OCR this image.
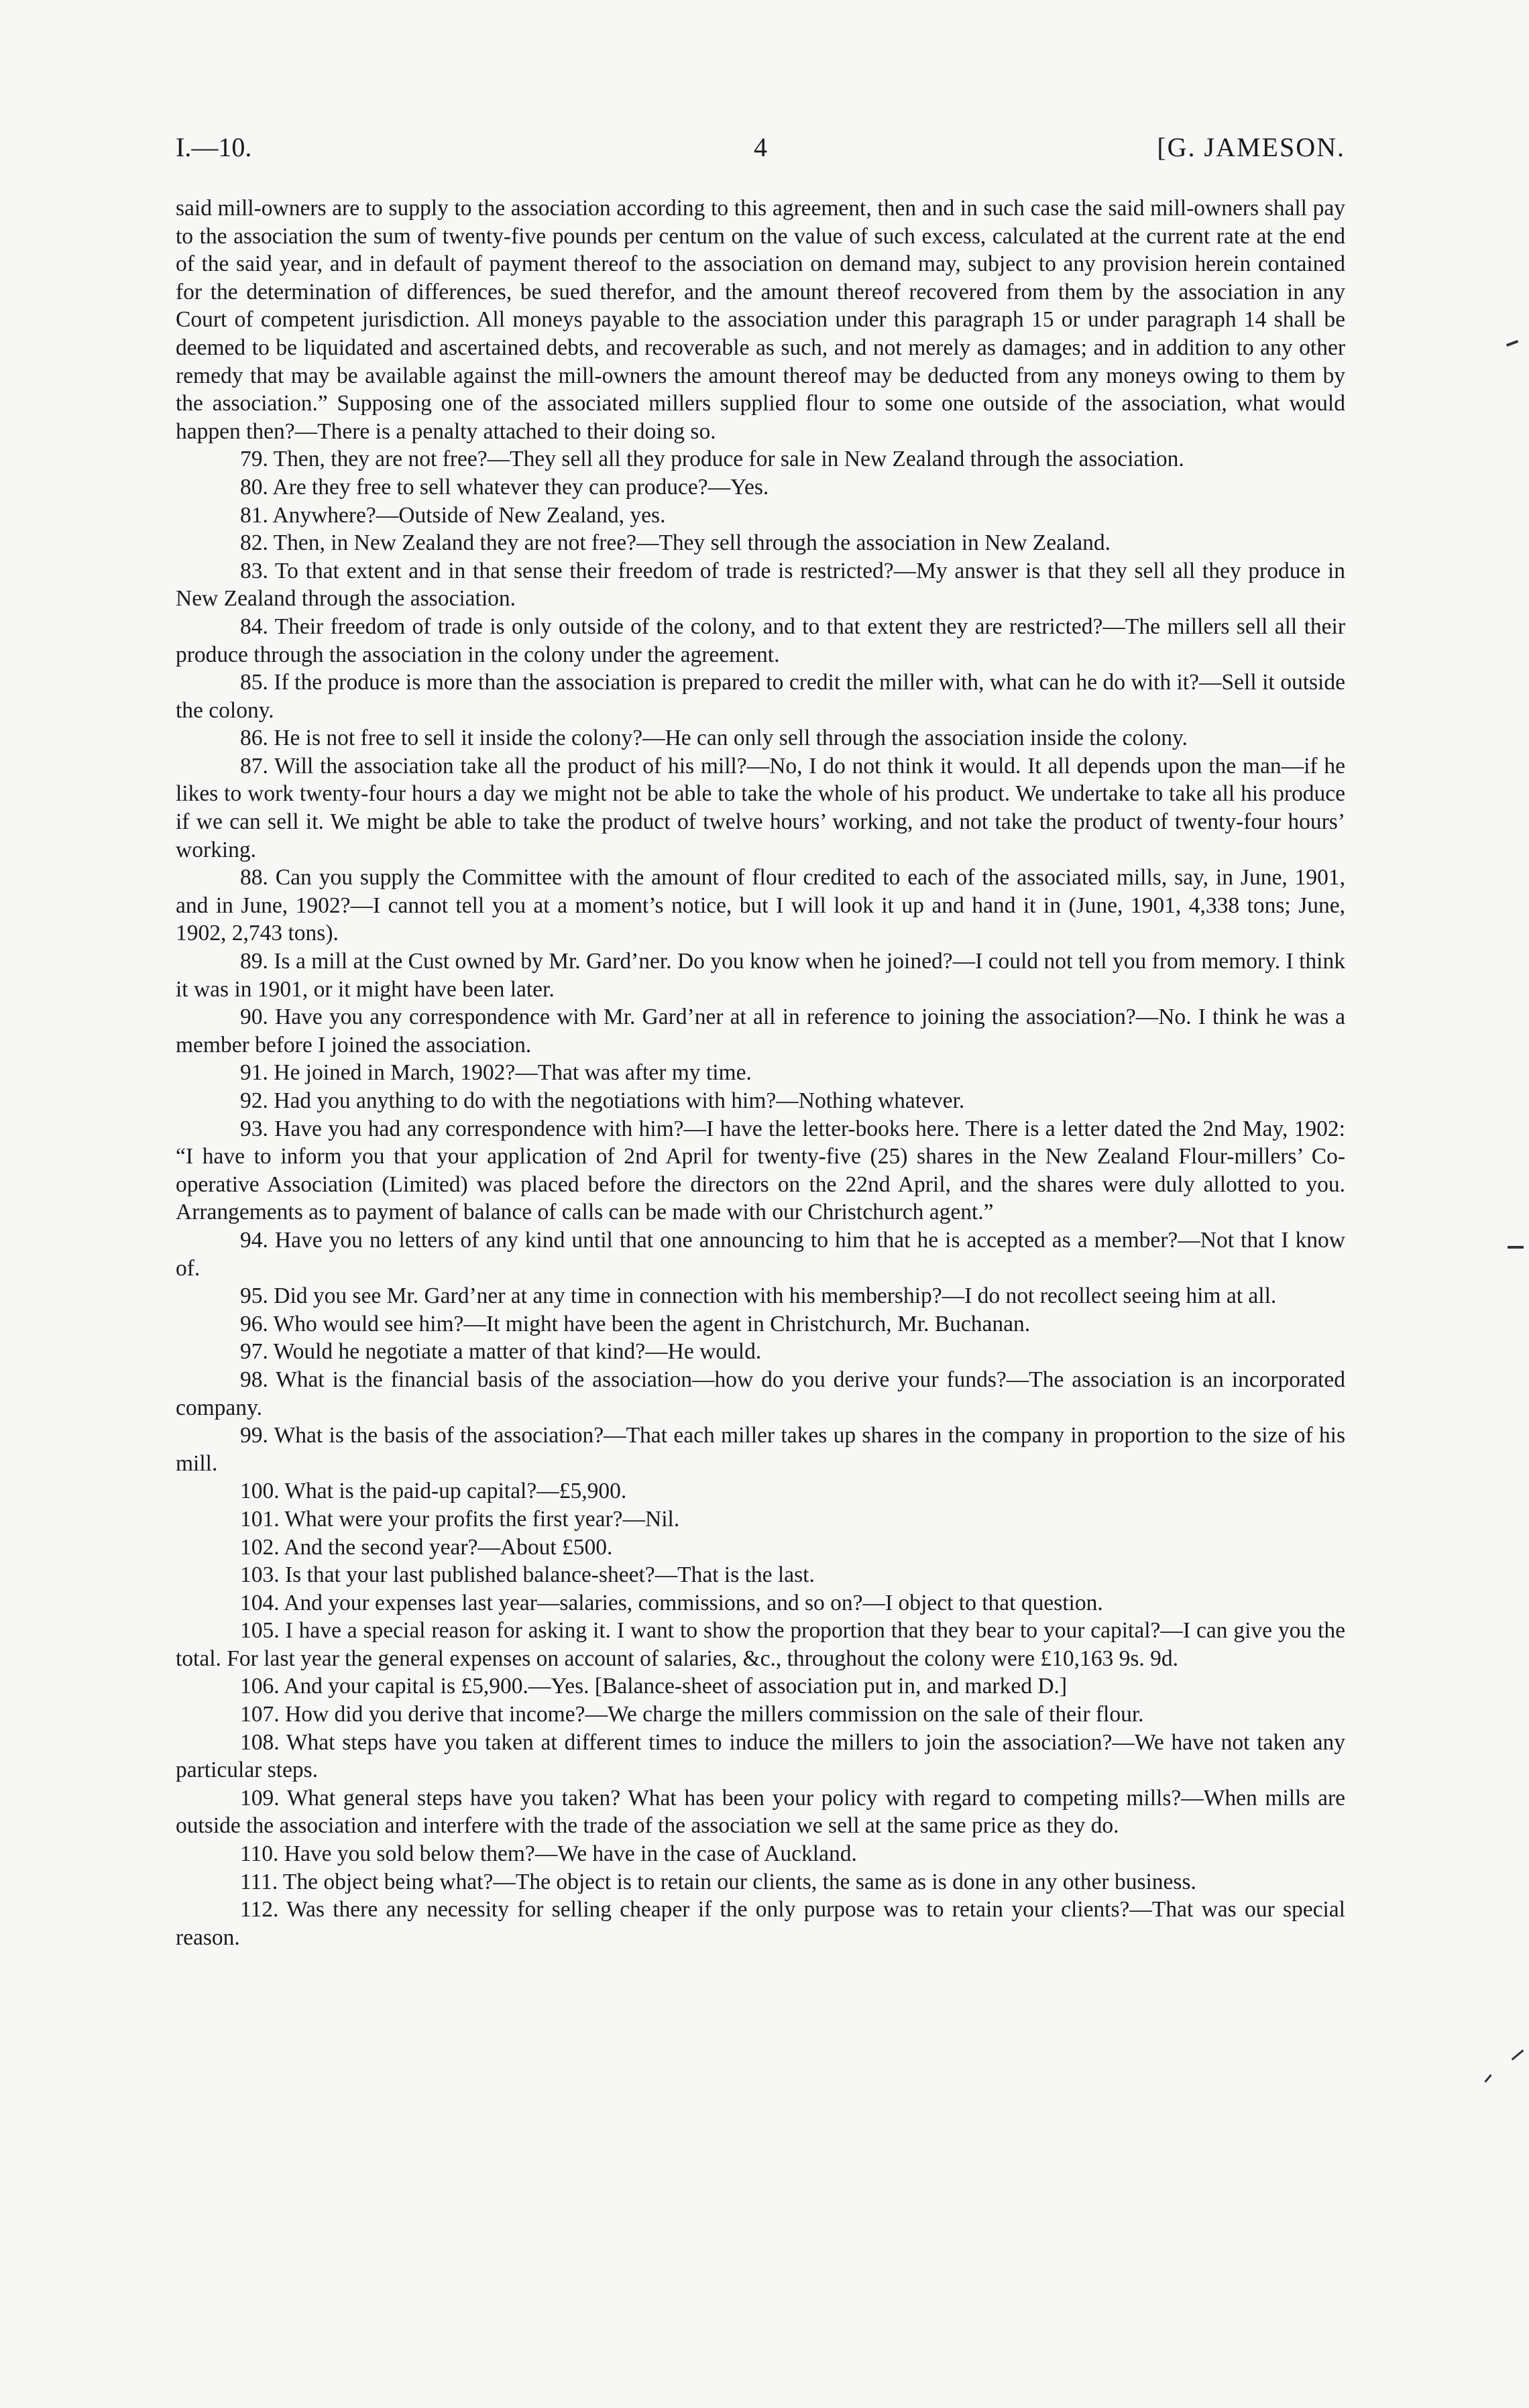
I.—10.	4	[G. JAMESON.

said mill-owners are to supply to the association according to this agreement, then and in such case the said mill-owners shall pay to the association the sum of twenty-five pounds per centum on the value of such excess, calculated at the current rate at the end of the said year, and in default of payment thereof to the association on demand may, subject to any provision herein contained for the determination of differences, be sued therefor, and the amount thereof recovered from them by the association in any Court of competent jurisdiction. All moneys payable to the association under this paragraph 15 or under paragraph 14 shall be deemed to be liquidated and ascertained debts, and recoverable as such, and not merely as damages; and in addition to any other remedy that may be available against the mill-owners the amount thereof may be deducted from any moneys owing to them by the association.” Supposing one of the associated millers supplied flour to some one outside of the association, what would happen then?—There is a penalty attached to their doing so.

79. Then, they are not free?—They sell all they produce for sale in New Zealand through the association.

80. Are they free to sell whatever they can produce?—Yes.

81. Anywhere?—Outside of New Zealand, yes.

82. Then, in New Zealand they are not free?—They sell through the association in New Zealand.

83. To that extent and in that sense their freedom of trade is restricted?—My answer is that they sell all they produce in New Zealand through the association.

84. Their freedom of trade is only outside of the colony, and to that extent they are restricted?—The millers sell all their produce through the association in the colony under the agreement.

85. If the produce is more than the association is prepared to credit the miller with, what can he do with it?—Sell it outside the colony.

86. He is not free to sell it inside the colony?—He can only sell through the association inside the colony.

87. Will the association take all the product of his mill?—No, I do not think it would. It all depends upon the man—if he likes to work twenty-four hours a day we might not be able to take the whole of his product. We undertake to take all his produce if we can sell it. We might be able to take the product of twelve hours’ working, and not take the product of twenty-four hours’ working.

88. Can you supply the Committee with the amount of flour credited to each of the associated mills, say, in June, 1901, and in June, 1902?—I cannot tell you at a moment’s notice, but I will look it up and hand it in (June, 1901, 4,338 tons; June, 1902, 2,743 tons).

89. Is a mill at the Cust owned by Mr. Gard’ner. Do you know when he joined?—I could not tell you from memory. I think it was in 1901, or it might have been later.

90. Have you any correspondence with Mr. Gard’ner at all in reference to joining the association?—No. I think he was a member before I joined the association.

91. He joined in March, 1902?—That was after my time.

92. Had you anything to do with the negotiations with him?—Nothing whatever.

93. Have you had any correspondence with him?—I have the letter-books here. There is a letter dated the 2nd May, 1902: “I have to inform you that your application of 2nd April for twenty-five (25) shares in the New Zealand Flour-millers’ Co-operative Association (Limited) was placed before the directors on the 22nd April, and the shares were duly allotted to you. Arrangements as to payment of balance of calls can be made with our Christchurch agent.”

94. Have you no letters of any kind until that one announcing to him that he is accepted as a member?—Not that I know of.

95. Did you see Mr. Gard’ner at any time in connection with his membership?—I do not recollect seeing him at all.

96. Who would see him?—It might have been the agent in Christchurch, Mr. Buchanan.

97. Would he negotiate a matter of that kind?—He would.

98. What is the financial basis of the association—how do you derive your funds?—The association is an incorporated company.

99. What is the basis of the association?—That each miller takes up shares in the company in proportion to the size of his mill.

100. What is the paid-up capital?—£5,900.

101. What were your profits the first year?—Nil.

102. And the second year?—About £500.

103. Is that your last published balance-sheet?—That is the last.

104. And your expenses last year—salaries, commissions, and so on?—I object to that question.

105. I have a special reason for asking it. I want to show the proportion that they bear to your capital?—I can give you the total. For last year the general expenses on account of salaries, &c., throughout the colony were £10,163 9s. 9d.

106. And your capital is £5,900.—Yes. [Balance-sheet of association put in, and marked D.]

107. How did you derive that income?—We charge the millers commission on the sale of their flour.

108. What steps have you taken at different times to induce the millers to join the association?—We have not taken any particular steps.

109. What general steps have you taken? What has been your policy with regard to competing mills?—When mills are outside the association and interfere with the trade of the association we sell at the same price as they do.

110. Have you sold below them?—We have in the case of Auckland.

111. The object being what?—The object is to retain our clients, the same as is done in any other business.

112. Was there any necessity for selling cheaper if the only purpose was to retain your clients?—That was our special reason.
